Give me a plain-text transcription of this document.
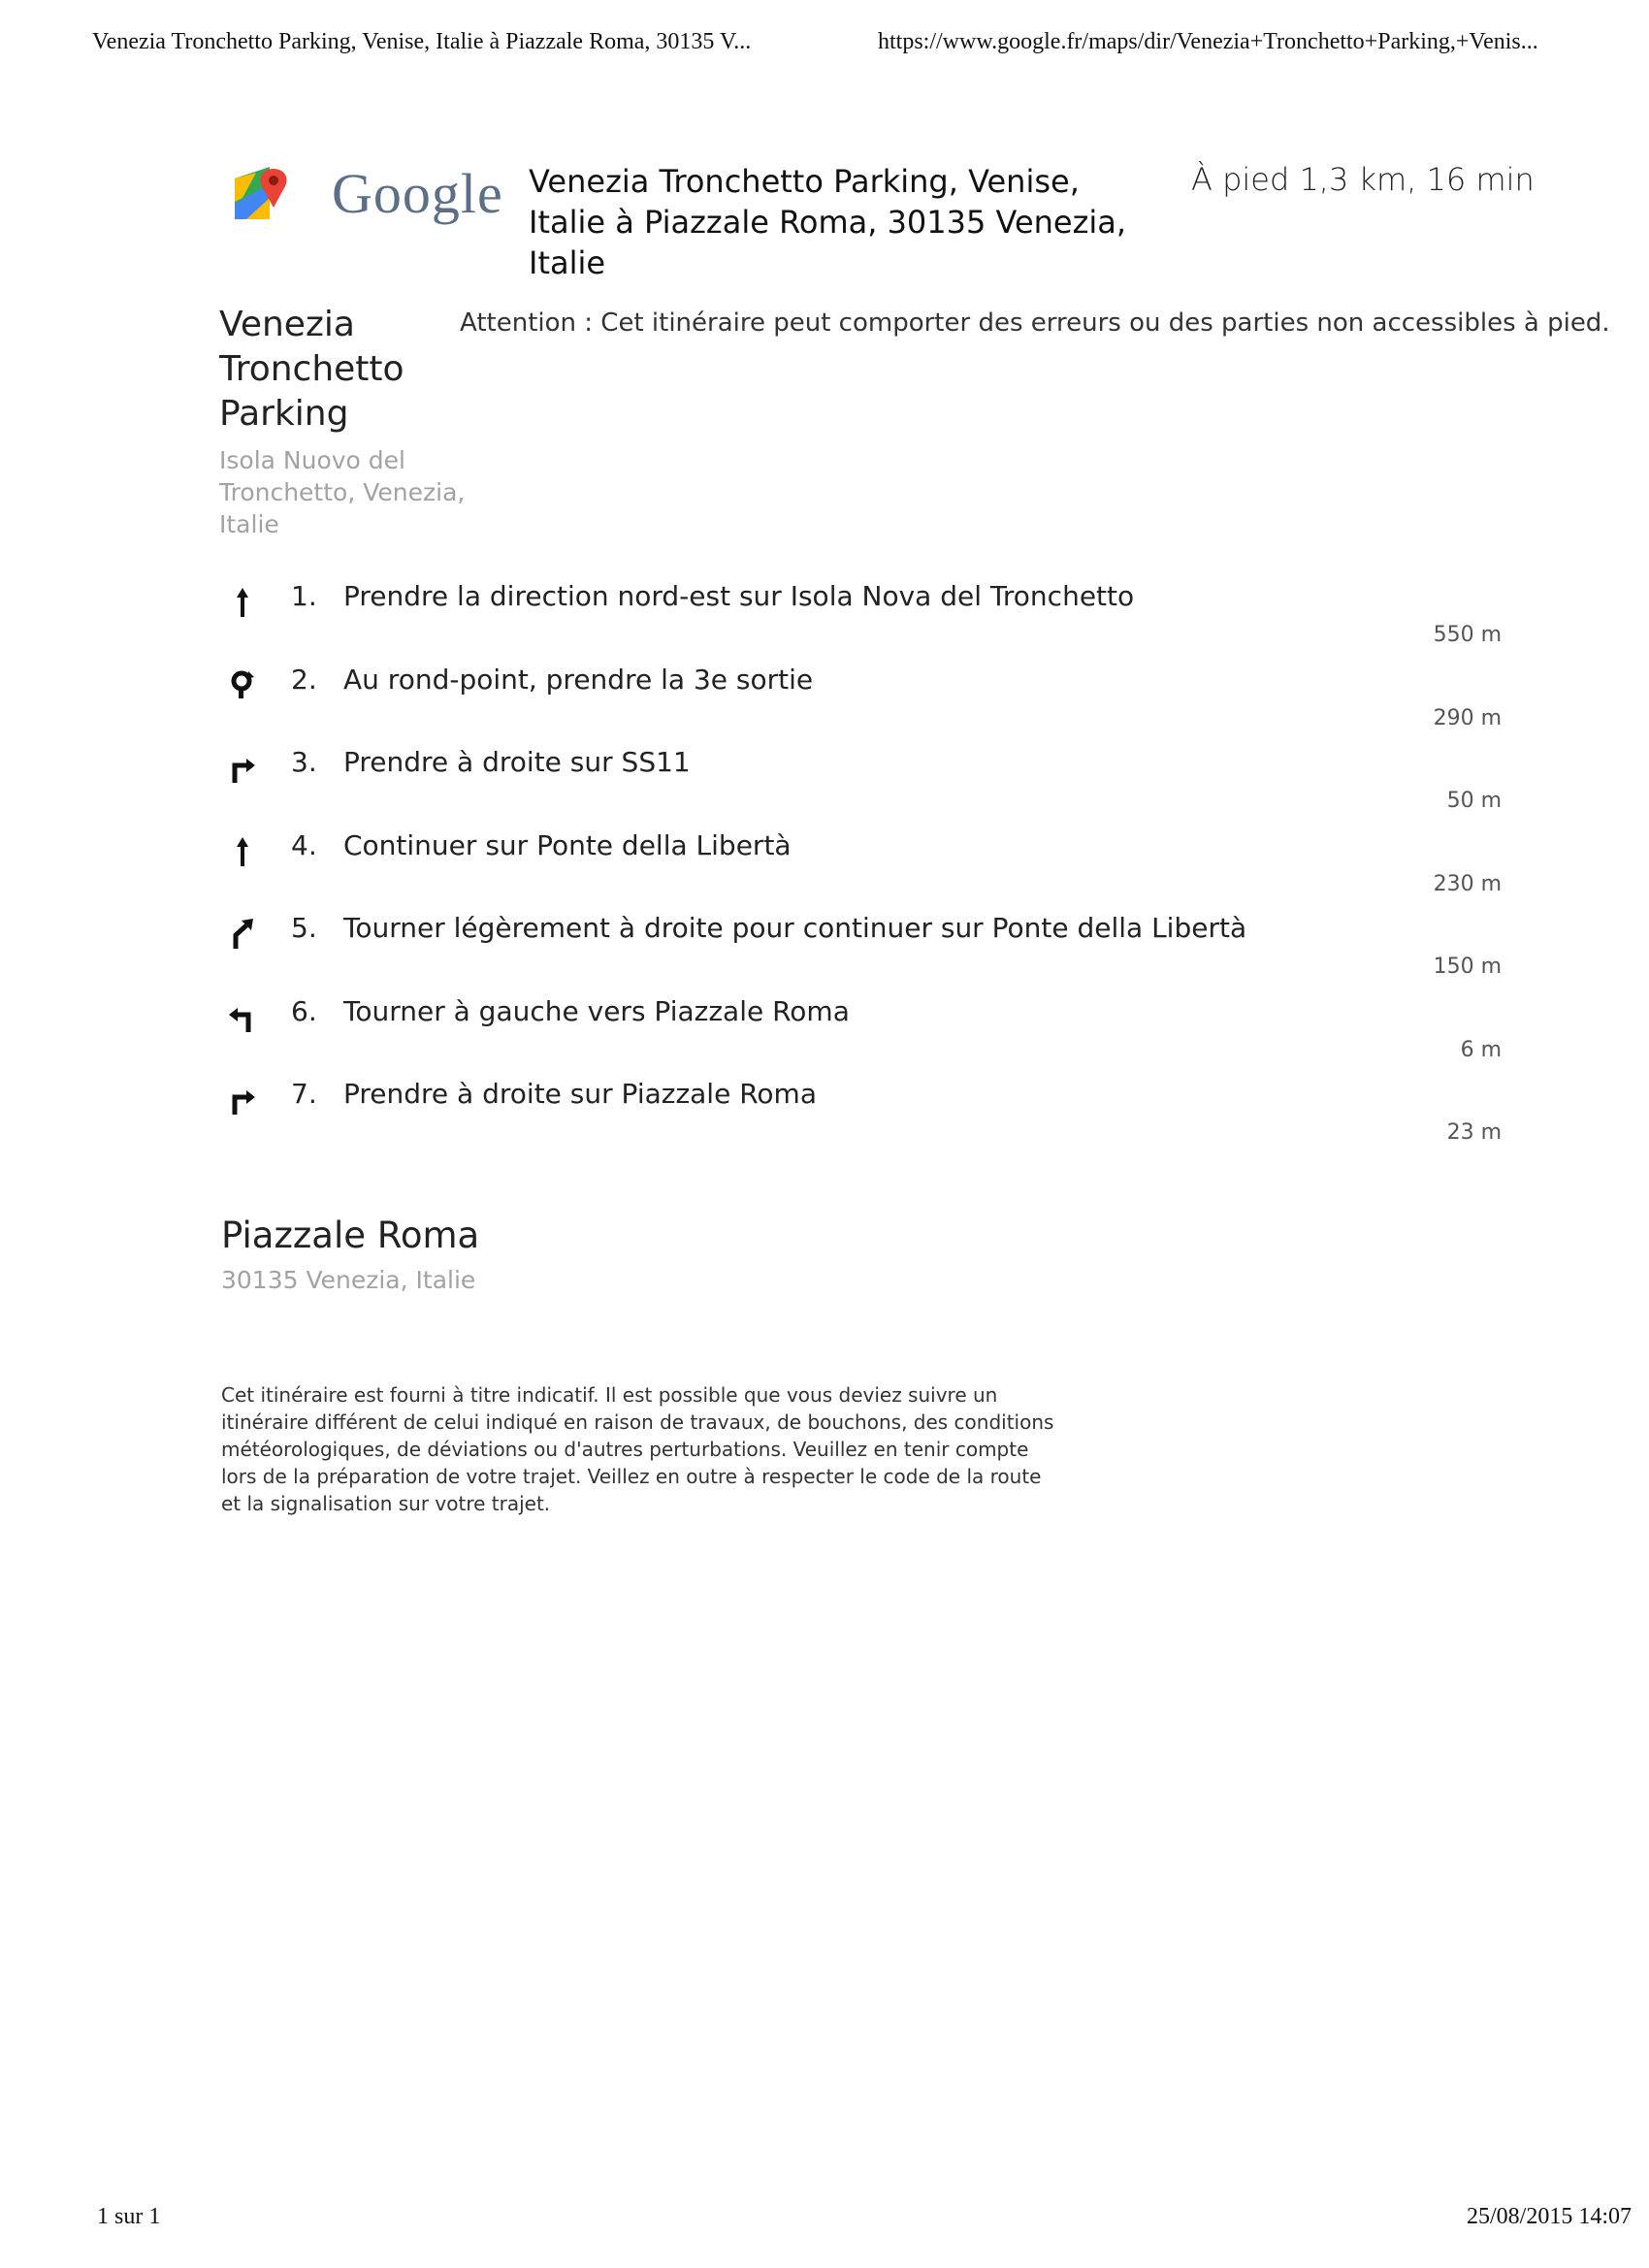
Venezia Tronchetto Parking, Venise, Italie à Piazzale Roma, 30135 V...	https://www.google.fr/maps/dir/Venezia+Tronchetto+Parking,+Venis...
Google Venezia Tronchetto Parking, Venise, Italie à Piazzale Roma, 30135 Venezia, Italie
À pied 1,3 km, 16 min
Venezia Tronchetto Parking
Isola Nuovo del Tronchetto, Venezia, Italie
Attention : Cet itinéraire peut comporter des erreurs ou des parties non accessibles à pied.
1. Prendre la direction nord-est sur Isola Nova del Tronchetto
550 m
2. Au rond-point, prendre la 3e sortie
290 m
3. Prendre à droite sur SS11
50 m
4. Continuer sur Ponte della Libertà
230 m
5. Tourner légèrement à droite pour continuer sur Ponte della Libertà
150 m
6. Tourner à gauche vers Piazzale Roma
6 m
7. Prendre à droite sur Piazzale Roma
23 m
Piazzale Roma
30135 Venezia, Italie
Cet itinéraire est fourni à titre indicatif. Il est possible que vous deviez suivre un itinéraire différent de celui indiqué en raison de travaux, de bouchons, des conditions météorologiques, de déviations ou d'autres perturbations. Veuillez en tenir compte lors de la préparation de votre trajet. Veillez en outre à respecter le code de la route et la signalisation sur votre trajet.
1 sur 1	25/08/2015 14:07
